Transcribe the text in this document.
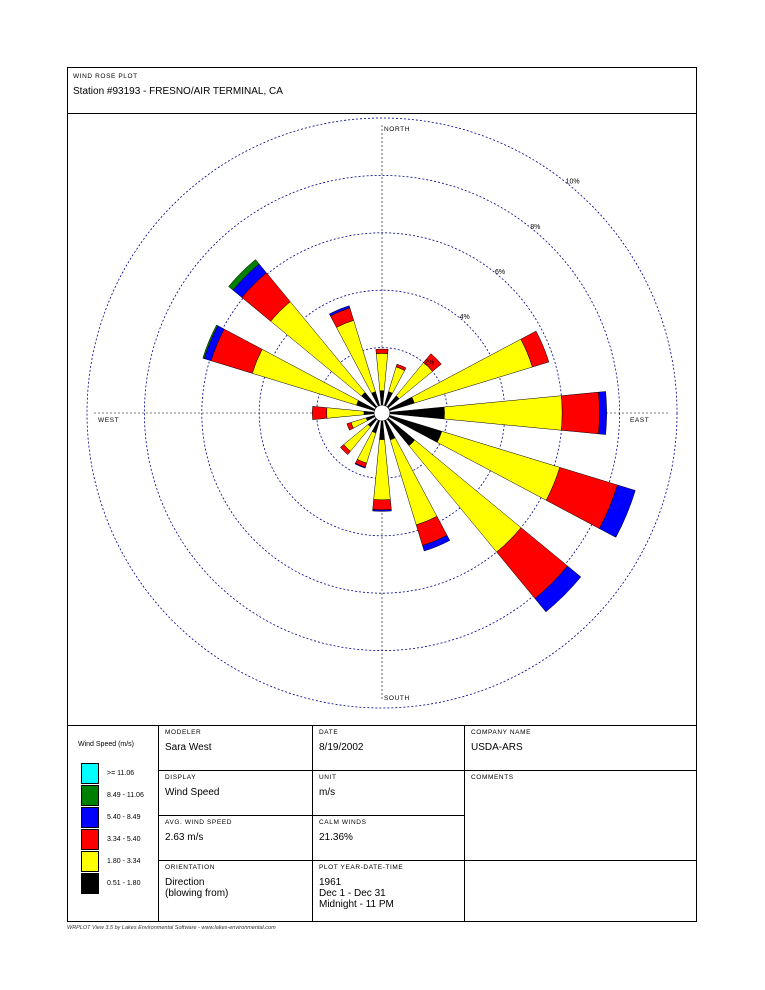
WIND ROSE PLOT
Station #93193 - FRESNO/AIR TERMINAL, CA
2%
4%
6%
8%
10%
NORTH
SOUTH
EAST
WEST
Wind Speed (m/s)
>= 11.06
8.49 - 11.06
5.40 - 8.49
3.34 - 5.40
1.80 - 3.34
0.51 - 1.80
MODELER
Sara West
DATE
8/19/2002
COMPANY NAME
USDA-ARS
DISPLAY
Wind Speed
UNIT
m/s
COMMENTS
AVG. WIND SPEED
2.63 m/s
CALM WINDS
21.36%
ORIENTATION
Direction
(blowing from)
PLOT YEAR-DATE-TIME
1961
Dec 1 - Dec 31
Midnight - 11 PM
WRPLOT View 3.5 by Lakes Environmental Software - www.lakes-environmental.com
